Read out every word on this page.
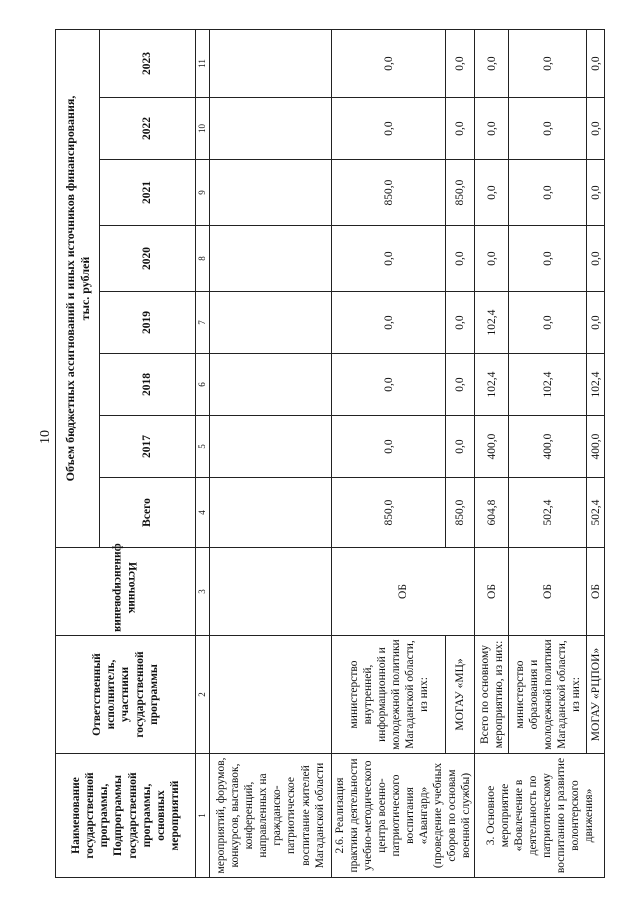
10
Наименование государственной программы, Подпрограммы государственной программы, основных мероприятий	Ответственный исполнитель, участники государственной программы	Источник финансирования	Объем бюджетных ассигнований и иных источников финансирования, тыс. рублей							

			Всего	2017	2018	2019	2020	2021	2022	2023
1	2	3	4	5	6	7	8	9	10	11
мероприятий, форумов, конкурсов, выставок, конференций, направленных на гражданско-патриотическое воспитание жителей Магаданской области										
2.6. Реализация практики деятельности учебно-методического центра военно-патриотического воспитания «Авангард» (проведение учебных сборов по основам военной службы)	министерство внутренней, информационной и молодежной политики Магаданской области, из них:	ОБ	850,0	0,0	0,0	0,0	0,0	850,0	0,0	0,0
	МОГАУ «МЦ»		850,0	0,0	0,0	0,0	0,0	850,0	0,0	0,0
3. Основное мероприятие «Вовлечение в деятельность по патриотическому воспитанию и развитие волонтерского движения»	Всего по основному мероприятию, из них:	ОБ	604,8	400,0	102,4	102,4	0,0	0,0	0,0	0,0
	министерство образования и молодежной политики Магаданской области, из них:	ОБ	502,4	400,0	102,4	0,0	0,0	0,0	0,0	0,0
	МОГАУ «РЦПОИ»	ОБ	502,4	400,0	102,4	0,0	0,0	0,0	0,0	0,0
